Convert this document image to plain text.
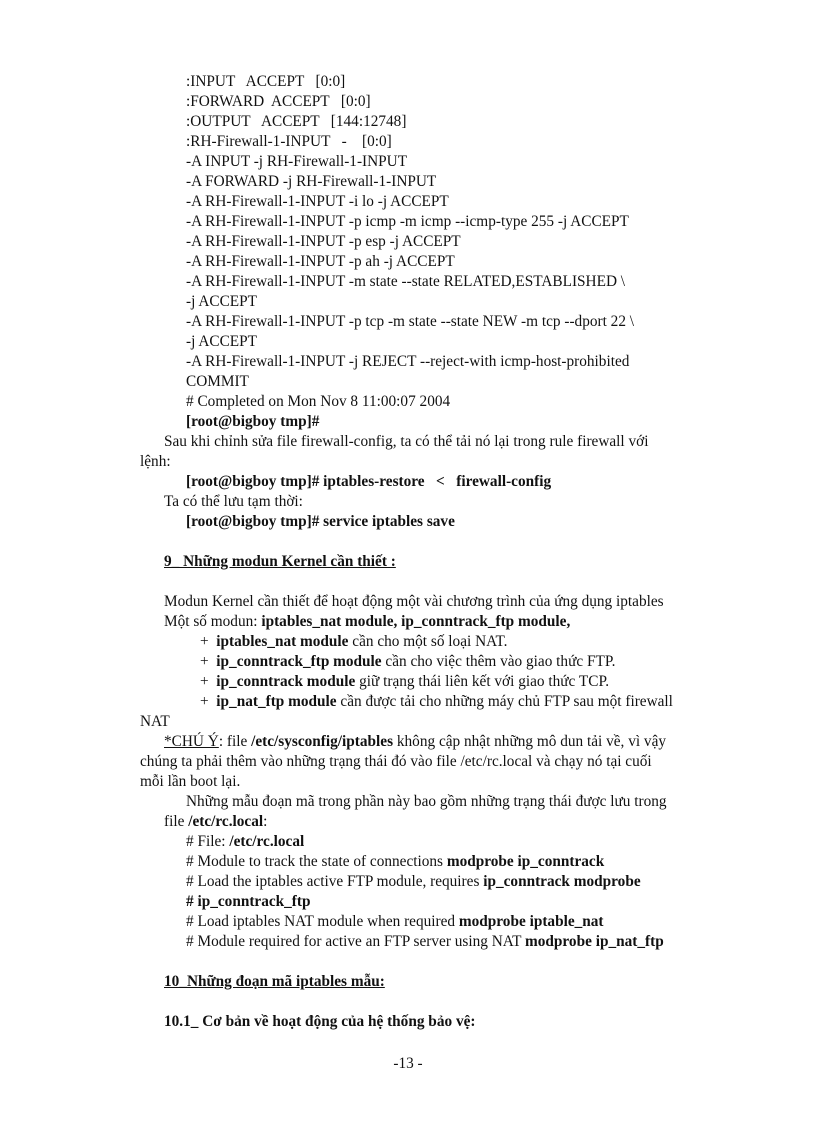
:INPUT   ACCEPT   [0:0]
:FORWARD  ACCEPT   [0:0]
:OUTPUT   ACCEPT   [144:12748]
:RH-Firewall-1-INPUT   -    [0:0]
-A INPUT -j RH-Firewall-1-INPUT
-A FORWARD -j RH-Firewall-1-INPUT
-A RH-Firewall-1-INPUT -i lo -j ACCEPT
-A RH-Firewall-1-INPUT -p icmp -m icmp --icmp-type 255 -j ACCEPT
-A RH-Firewall-1-INPUT -p esp -j ACCEPT
-A RH-Firewall-1-INPUT -p ah -j ACCEPT
-A RH-Firewall-1-INPUT -m state --state RELATED,ESTABLISHED \
-j ACCEPT
-A RH-Firewall-1-INPUT -p tcp -m state --state NEW -m tcp --dport 22 \
-j ACCEPT
-A RH-Firewall-1-INPUT -j REJECT --reject-with icmp-host-prohibited
COMMIT
# Completed on Mon Nov 8 11:00:07 2004
[root@bigboy tmp]#
Sau khi chỉnh sửa file firewall-config, ta có thể tải nó lại trong rule firewall với
lệnh:
[root@bigboy tmp]# iptables-restore   <   firewall-config
Ta có thể lưu tạm thời:
[root@bigboy tmp]# service iptables save
9_ Những modun Kernel cần thiết :
Modun Kernel cần thiết để hoạt động một vài chương trình của ứng dụng iptables
Một số modun: iptables_nat module, ip_conntrack_ftp module,
+ iptables_nat module cần cho một số loại NAT.
+ ip_conntrack_ftp module cần cho việc thêm vào giao thức FTP.
+ ip_conntrack module giữ trạng thái liên kết với giao thức TCP.
+ ip_nat_ftp module cần được tải cho những máy chủ FTP sau một firewall
NAT
*CHÚ Ý: file /etc/sysconfig/iptables không cập nhật những mô dun tải về, vì vậy
chúng ta phải thêm vào những trạng thái đó vào file /etc/rc.local và chạy nó tại cuối
mỗi lần boot lại.
Những mẫu đoạn mã trong phần này bao gồm những trạng thái được lưu trong
file /etc/rc.local:
# File: /etc/rc.local
# Module to track the state of connections modprobe ip_conntrack
# Load the iptables active FTP module, requires ip_conntrack modprobe
# ip_conntrack_ftp
# Load iptables NAT module when required modprobe iptable_nat
# Module required for active an FTP server using NAT modprobe ip_nat_ftp
10_Những đoạn mã iptables mẫu:
10.1_ Cơ bản về hoạt động của hệ thống bảo vệ:
-13 -
